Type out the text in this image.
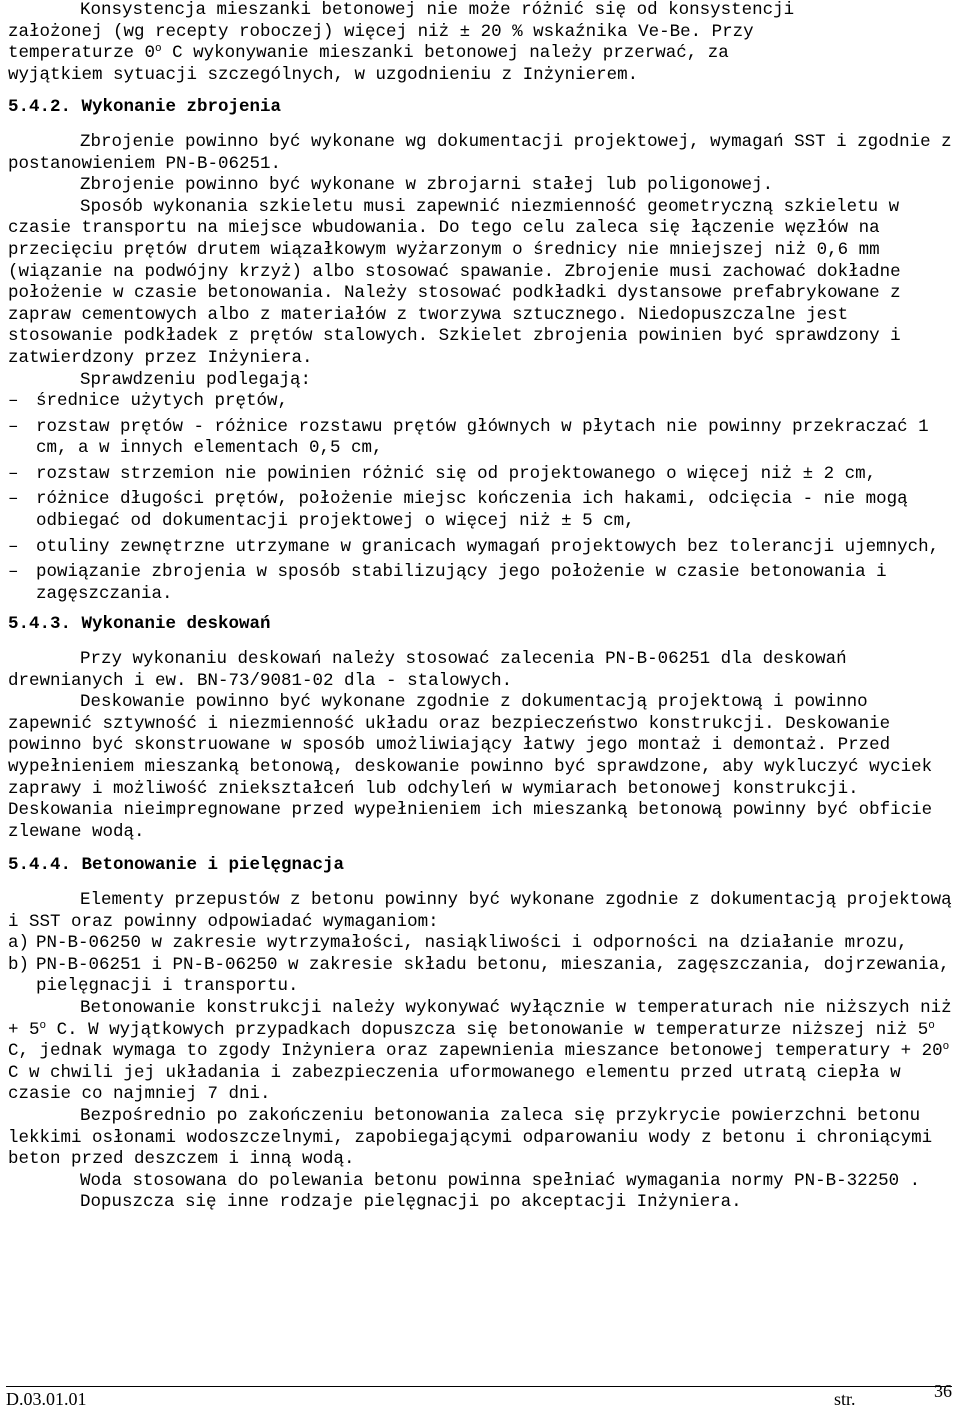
Konsystencja mieszanki betonowej nie może różnić się od konsystencji

założonej (wg recepty roboczej) więcej niż ± 20 % wskaźnika Ve-Be. Przy

temperaturze 0$^o$ C wykonywanie mieszanki betonowej należy przerwać, za

wyjątkiem sytuacji szczególnych, w uzgodnieniu z Inżynierem.

5.4.2. Wykonanie zbrojenia

Zbrojenie powinno być wykonane wg dokumentacji projektowej, wymagań SST i zgodnie z postanowieniem PN-B-06251.

Zbrojenie powinno być wykonane w zbrojarni stałej lub poligonowej.

Sposób wykonania szkieletu musi zapewnić niezmienność geometryczną szkieletu w czasie transportu na miejsce wbudowania. Do tego celu zaleca się łączenie węzłów na przecięciu prętów drutem wiązałkowym wyżarzonym o średnicy nie mniejszej niż 0,6 mm (wiązanie na podwójny krzyż) albo stosować spawanie. Zbrojenie musi zachować dokładne położenie w czasie betonowania. Należy stosować podkładki dystansowe prefabrykowane z zapraw cementowych albo z materiałów z tworzywa sztucznego. Niedopuszczalne jest stosowanie podkładek z prętów stalowych. Szkielet zbrojenia powinien być sprawdzony i zatwierdzony przez Inżyniera.

Sprawdzeniu podlegają:

– średnice użytych prętów,
– rozstaw prętów - różnice rozstawu prętów głównych w płytach nie powinny przekraczać 1 cm, a w innych elementach 0,5 cm,
– rozstaw strzemion nie powinien różnić się od projektowanego o więcej niż ± 2 cm,
– różnice długości prętów, położenie miejsc kończenia ich hakami, odcięcia - nie mogą odbiegać od dokumentacji projektowej o więcej niż ± 5 cm,
– otuliny zewnętrzne utrzymane w granicach wymagań projektowych bez tolerancji ujemnych,
– powiązanie zbrojenia w sposób stabilizujący jego położenie w czasie betonowania i zagęszczania.
5.4.3. Wykonanie deskowań

Przy wykonaniu deskowań należy stosować zalecenia PN-B-06251 dla deskowań drewnianych i ew. BN-73/9081-02 dla - stalowych.

Deskowanie powinno być wykonane zgodnie z dokumentacją projektową i powinno zapewnić sztywność i niezmienność układu oraz bezpieczeństwo konstrukcji. Deskowanie powinno być skonstruowane w sposób umożliwiający łatwy jego montaż i demontaż. Przed wypełnieniem mieszanką betonową, deskowanie powinno być sprawdzone, aby wykluczyć wyciek zaprawy i możliwość zniekształceń lub odchyleń w wymiarach betonowej konstrukcji. Deskowania nieimpregnowane przed wypełnieniem ich mieszanką betonową powinny być obficie zlewane wodą.

5.4.4. Betonowanie i pielęgnacja

Elementy przepustów z betonu powinny być wykonane zgodnie z dokumentacją projektową i SST oraz powinny odpowiadać wymaganiom:

a) PN-B-06250 w zakresie wytrzymałości, nasiąkliwości i odporności na działanie mrozu,
b) PN-B-06251 i PN-B-06250 w zakresie składu betonu, mieszania, zagęszczania, dojrzewania, pielęgnacji i transportu.

Betonowanie konstrukcji należy wykonywać wyłącznie w temperaturach nie niższych niż + $5^o$ C. W wyjątkowych przypadkach dopuszcza się betonowanie w temperaturze niższej niż 5$^o$ C, jednak wymaga to zgody Inżyniera oraz zapewnienia mieszance betonowej temperatury + $20^o$ C w chwili jej układania i zabezpieczenia uformowanego elementu przed utratą ciepła w czasie co najmniej 7 dni.

Bezpośrednio po zakończeniu betonowania zaleca się przykrycie powierzchni betonu lekkimi osłonami wodoszczelnymi, zapobiegającymi odparowaniu wody z betonu i chroniącymi beton przed deszczem i inną wodą.

Woda stosowana do polewania betonu powinna spełniać wymagania normy PN-B-32250 .

Dopuszcza się inne rodzaje pielęgnacji po akceptacji Inżyniera.

D.03.01.01	str.	36
